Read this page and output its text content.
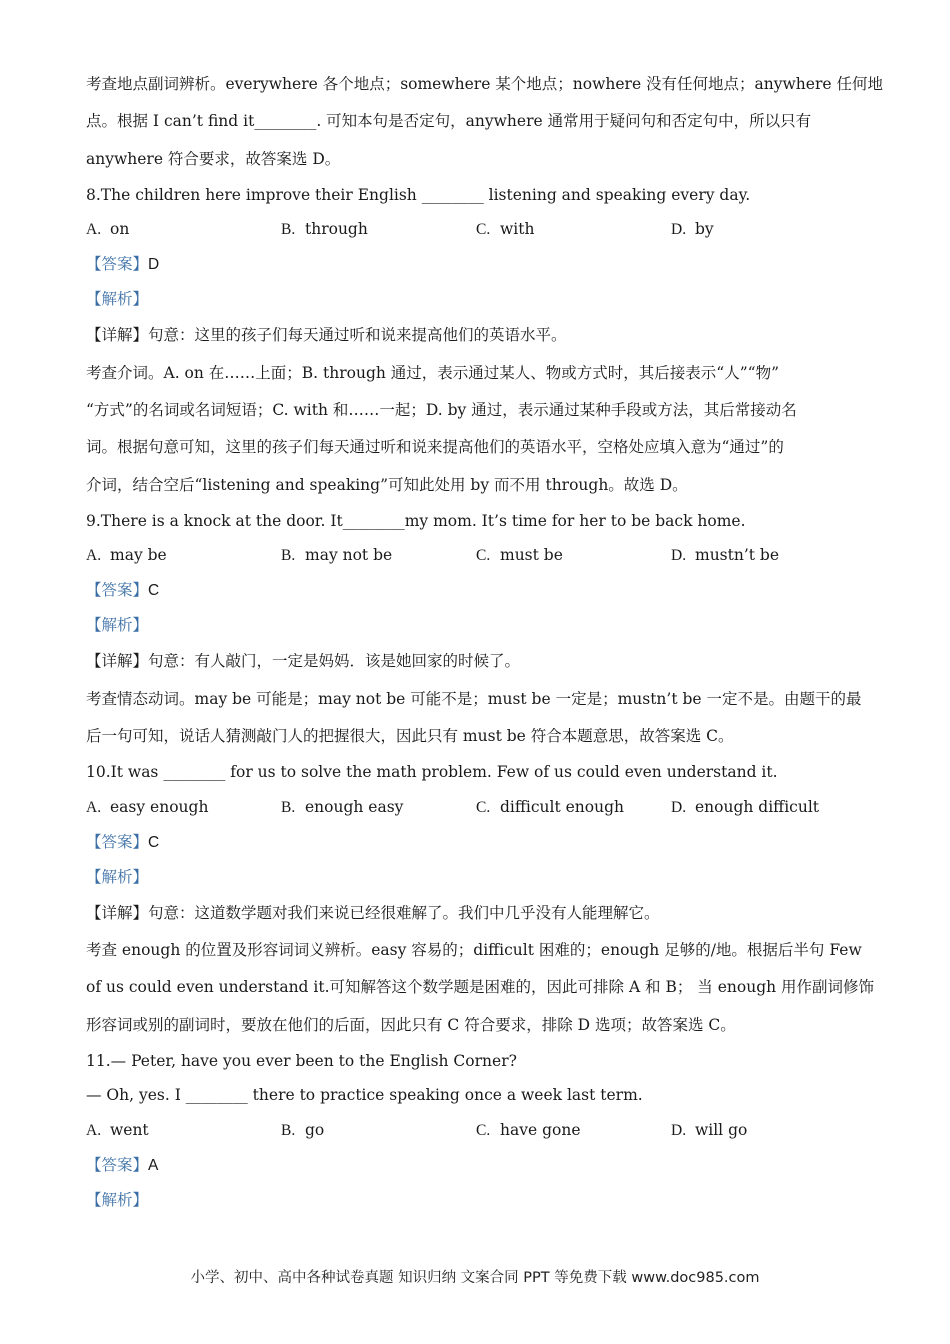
考查地点副词辨析。everywhere 各个地点；somewhere 某个地点；nowhere 没有任何地点；anywhere 任何地
点。根据 I can’t find it________. 可知本句是否定句，anywhere 通常用于疑问句和否定句中，所以只有
anywhere 符合要求，故答案选 D。
8.The children here improve their English ________ listening and speaking every day.
A. on	B. through	C. with	D. by
【答案】D
【解析】
【详解】句意：这里的孩子们每天通过听和说来提高他们的英语水平。
考查介词。A. on 在……上面；B. through 通过，表示通过某人、物或方式时，其后接表示“人”“物”
“方式”的名词或名词短语；C. with 和……一起；D. by 通过，表示通过某种手段或方法，其后常接动名
词。根据句意可知，这里的孩子们每天通过听和说来提高他们的英语水平，空格处应填入意为“通过”的
介词，结合空后“listening and speaking”可知此处用 by 而不用 through。故选 D。
9.There is a knock at the door. It________my mom. It’s time for her to be back home.
A. may be	B. may not be	C. must be	D. mustn’t be
【答案】C
【解析】
【详解】句意：有人敲门，一定是妈妈．该是她回家的时候了。
考查情态动词。may be 可能是；may not be 可能不是；must be 一定是；mustn’t be 一定不是。由题干的最
后一句可知，说话人猜测敲门人的把握很大，因此只有 must be 符合本题意思，故答案选 C。
10.It was ________ for us to solve the math problem. Few of us could even understand it.
A. easy enough	B. enough easy	C. difficult enough	D. enough difficult
【答案】C
【解析】
【详解】句意：这道数学题对我们来说已经很难解了。我们中几乎没有人能理解它。
考查 enough 的位置及形容词词义辨析。easy 容易的；difficult 困难的；enough 足够的/地。根据后半句 Few
of us could even understand it.可知解答这个数学题是困难的，因此可排除 A 和 B； 当 enough 用作副词修饰
形容词或别的副词时，要放在他们的后面，因此只有 C 符合要求，排除 D 选项；故答案选 C。
11.— Peter, have you ever been to the English Corner?
— Oh, yes. I ________ there to practice speaking once a week last term.
A. went	B. go	C. have gone	D. will go
【答案】A
【解析】
小学、初中、高中各种试卷真题 知识归纳 文案合同 PPT 等免费下载 www.doc985.com
